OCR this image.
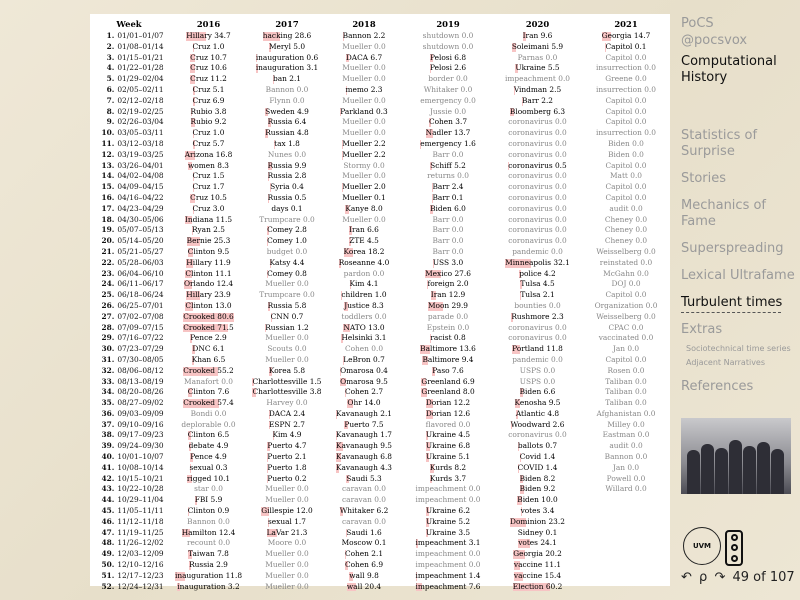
Week	2016	2017	2018	2019	2020	2021
1. 01/01–01/07	Hillary 34.7	hacking 28.6	Bannon 2.2	shutdown 0.0	Iran 9.6	Georgia 14.7
2. 01/08–01/14	Cruz 1.0	Meryl 5.0	Mueller 0.0	shutdown 0.0	Soleimani 5.9	Capitol 0.1
3. 01/15–01/21	Cruz 10.7	inauguration 0.6	DACA 6.7	Pelosi 6.8	Parnas 0.0	Capitol 0.0
4. 01/22–01/28	Cruz 10.6	inauguration 3.1	Mueller 0.0	Pelosi 2.6	Ukraine 5.5	insurrection 0.0
5. 01/29–02/04	Cruz 11.2	ban 2.1	Mueller 0.0	border 0.0	impeachment 0.0	Greene 0.0
6. 02/05–02/11	Cruz 5.1	Bannon 0.0	memo 2.3	Whitaker 0.0	Vindman 2.5	insurrection 0.0
7. 02/12–02/18	Cruz 6.9	Flynn 0.0	Mueller 0.0	emergency 0.0	Barr 2.2	Capitol 0.0
8. 02/19–02/25	Rubio 3.8	Sweden 4.9	Parkland 0.3	Jussie 0.0	Bloomberg 6.3	Capitol 0.0
9. 02/26–03/04	Rubio 9.2	Russia 6.4	Mueller 0.0	Cohen 3.7	coronavirus 0.0	Capitol 0.0
10. 03/05–03/11	Cruz 1.0	Russian 4.8	Mueller 0.0	Nadler 13.7	coronavirus 0.0	insurrection 0.0
11. 03/12–03/18	Cruz 5.7	tax 1.8	Mueller 2.2	emergency 1.6	coronavirus 0.0	Biden 0.0
12. 03/19–03/25	Arizona 16.8	Nunes 0.0	Mueller 2.2	Barr 0.0	coronavirus 0.0	Biden 0.0
13. 03/26–04/01	women 8.3	Russia 9.9	Stormy 0.0	Schiff 5.2	coronavirus 0.5	Capitol 0.0
14. 04/02–04/08	Cruz 1.5	Russia 2.8	Mueller 0.0	returns 0.0	coronavirus 0.0	Matt 0.0
15. 04/09–04/15	Cruz 1.7	Syria 0.4	Mueller 2.0	Barr 2.4	coronavirus 0.0	Capitol 0.0
16. 04/16–04/22	Cruz 10.5	Russia 0.5	Mueller 0.1	Barr 0.1	coronavirus 0.0	Capitol 0.0
17. 04/23–04/29	Cruz 3.0	days 0.1	Kanye 8.0	Biden 6.0	coronavirus 0.0	audit 0.0
18. 04/30–05/06	Indiana 11.5	Trumpcare 0.0	Mueller 0.0	Barr 0.0	coronavirus 0.0	Cheney 0.0
19. 05/07–05/13	Ryan 2.5	Comey 2.8	Iran 6.6	Barr 0.0	coronavirus 0.0	Cheney 0.0
20. 05/14–05/20	Bernie 25.3	Comey 1.0	ZTE 4.5	Barr 0.0	coronavirus 0.0	Cheney 0.0
21. 05/21–05/27	Clinton 9.5	budget 0.0	Korea 18.2	Barr 0.0	pandemic 0.0	Weisselberg 0.0
22. 05/28–06/03	Hillary 11.9	Katsy 4.4	Roseanne 4.0	USS 3.0	Minneapolis 32.1	reinstated 0.0
23. 06/04–06/10	Clinton 11.1	Comey 0.8	pardon 0.0	Mexico 27.6	police 4.2	McGahn 0.0
24. 06/11–06/17	Orlando 12.4	Mueller 0.0	Kim 4.1	foreign 2.0	Tulsa 4.5	DOJ 0.0
25. 06/18–06/24	Hillary 23.9	Trumpcare 0.0	children 1.0	Iran 12.9	Tulsa 2.1	Capitol 0.0
26. 06/25–07/01	Clinton 13.0	Russia 5.8	Justice 8.3	Moon 29.9	bounties 0.0	Organization 0.0
27. 07/02–07/08	Crooked 80.6	CNN 0.7	toddlers 0.0	parade 0.0	Rushmore 2.3	Weisselberg 0.0
28. 07/09–07/15	Crooked 71.5	Russian 1.2	NATO 13.0	Epstein 0.0	coronavirus 0.0	CPAC 0.0
29. 07/16–07/22	Pence 2.9	Mueller 0.0	Helsinki 3.1	racist 0.8	coronavirus 0.0	vaccinated 0.0
30. 07/23–07/29	DNC 6.1	Scouts 0.0	Cohen 0.0	Baltimore 13.6	Portland 11.8	Jan 0.0
31. 07/30–08/05	Khan 6.5	Mueller 0.0	LeBron 0.7	Baltimore 9.4	pandemic 0.0	Capitol 0.0
32. 08/06–08/12	Crooked 55.2	Korea 5.8	Omarosa 0.4	Paso 7.6	USPS 0.0	Rosen 0.0
33. 08/13–08/19	Manafort 0.0	Charlottesville 1.5	Omarosa 9.5	Greenland 6.9	USPS 0.0	Taliban 0.0
34. 08/20–08/26	Clinton 7.6	Charlottesville 3.8	Cohen 2.7	Greenland 8.0	Biden 6.6	Taliban 0.0
35. 08/27–09/02	Crooked 57.4	Harvey 0.0	Ohr 14.0	Dorian 12.2	Kenosha 9.5	Taliban 0.0
36. 09/03–09/09	Bondi 0.0	DACA 2.4	Kavanaugh 2.1	Dorian 12.6	Atlantic 4.8	Afghanistan 0.0
37. 09/10–09/16	deplorable 0.0	ESPN 2.7	Puerto 7.5	flavored 0.0	Woodward 2.6	Milley 0.0
38. 09/17–09/23	Clinton 6.5	Kim 4.9	Kavanaugh 1.7	Ukraine 4.5	coronavirus 0.0	Eastman 0.0
39. 09/24–09/30	debate 4.9	Puerto 4.7	Kavanaugh 9.5	Ukraine 6.8	ballots 0.7	audit 0.0
40. 10/01–10/07	Pence 4.9	Puerto 2.1	Kavanaugh 6.8	Ukraine 5.1	Covid 1.4	Bannon 0.0
41. 10/08–10/14	sexual 0.3	Puerto 1.8	Kavanaugh 4.3	Kurds 8.2	COVID 1.4	Jan 0.0
42. 10/15–10/21	rigged 10.1	Puerto 0.2	Saudi 5.3	Kurds 3.7	Biden 8.2	Powell 0.0
43. 10/22–10/28	star 0.0	Mueller 0.0	caravan 0.0	impeachment 0.0	Biden 9.2	Willard 0.0
44. 10/29–11/04	FBI 5.9	Mueller 0.0	caravan 0.0	impeachment 0.0	Biden 10.0	
45. 11/05–11/11	Clinton 0.9	Gillespie 12.0	Whitaker 6.2	Ukraine 6.2	votes 3.4	
46. 11/12–11/18	Bannon 0.0	sexual 1.7	caravan 0.0	Ukraine 5.2	Dominion 23.2	
47. 11/19–11/25	Hamilton 12.4	LaVar 21.3	Saudi 1.6	Ukraine 3.5	Sidney 0.1	
48. 11/26–12/02	recount 0.0	Moore 0.0	Moscow 0.1	impeachment 3.1	votes 24.1	
49. 12/03–12/09	Taiwan 7.8	Mueller 0.0	Cohen 2.1	impeachment 0.0	Georgia 20.2	
50. 12/10–12/16	Russia 2.9	Mueller 0.0	Cohen 6.9	impeachment 0.0	vaccine 11.1	
51. 12/17–12/23	inauguration 11.8	Mueller 0.0	wall 9.8	impeachment 1.4	vaccine 15.4	
52. 12/24–12/31	inauguration 3.2	Mueller 0.0	wall 20.4	impeachment 7.6	Election 60.2	
PoCS
@pocsvox
Computational History
Statistics of Surprise
Stories
Mechanics of Fame
Superspreading
Lexical Ultrafame
Turbulent times
Extras
Sociotechnical time series
Adjacent Narratives
References
UVM
↶ ρ ↷ 49 of 107
